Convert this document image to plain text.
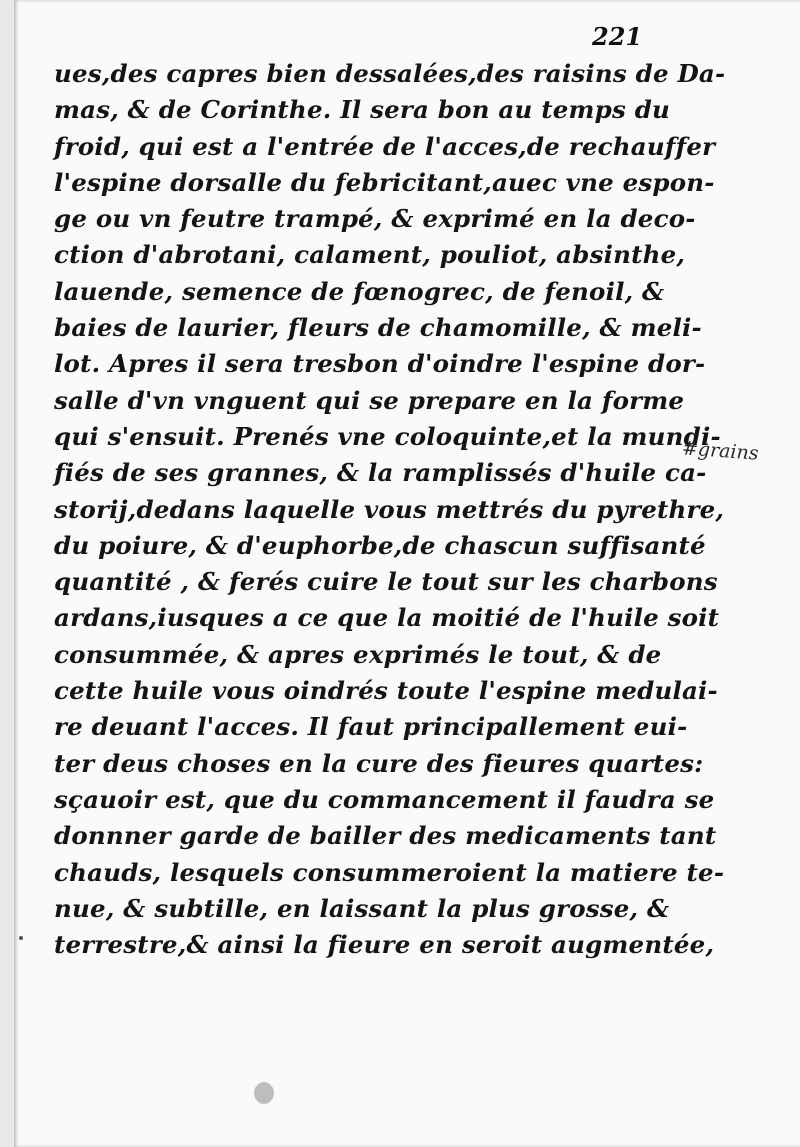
221
ues,des capres bien dessalées,des raisins de Da-
mas, & de Corinthe. Il sera bon au temps du
froid, qui est a l'entrée de l'acces,de rechauffer
l'espine dorsalle du febricitant,auec vne espon-
ge ou vn feutre trampé, & exprimé en la deco-
ction d'abrotani, calament, pouliot, absinthe,
lauende, semence de fœnogrec, de fenoil, &
baies de laurier, fleurs de chamomille, & meli-
lot. Apres il sera tresbon d'oindre l'espine dor-
salle d'vn vnguent qui se prepare en la forme
qui s'ensuit. Prenés vne coloquinte,et la mundi-
fiés de ses grannes, & la ramplissés d'huile ca-
storij,dedans laquelle vous mettrés du pyrethre,
du poiure, & d'euphorbe,de chascun suffisanté
quantité , & ferés cuire le tout sur les charbons
ardans,iusques a ce que la moitié de l'huile soit
consummée, & apres exprimés le tout, & de
cette huile vous oindrés toute l'espine medulai-
re deuant l'acces. Il faut principallement eui-
ter deus choses en la cure des fieures quartes:
sçauoir est, que du commancement il faudra se
donnner garde de bailler des medicaments tant
chauds, lesquels consummeroient la matiere te-
nue, & subtille, en laissant la plus grosse, &
terrestre,& ainsi la fieure en seroit augmentée,
#grains
